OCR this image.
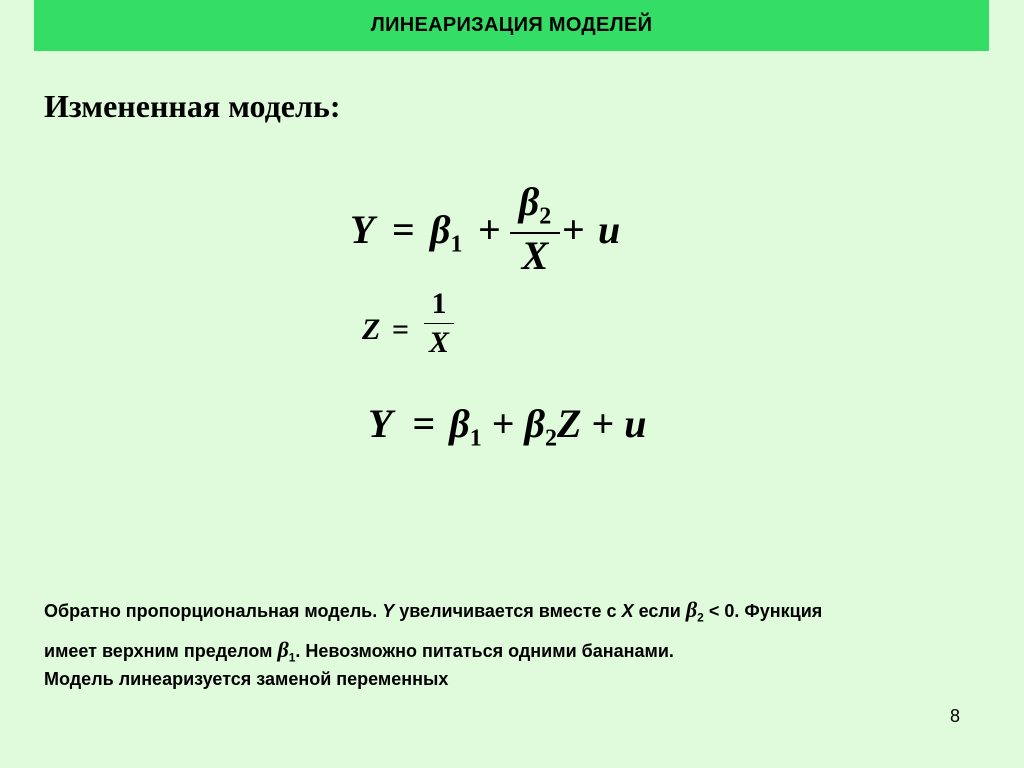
ЛИНЕАРИЗАЦИЯ МОДЕЛЕЙ
Измененная модель:
$Y = \beta_1$ +
$\beta_2$
X
+ u
Z =
1
X
$Y = \beta_1 + \beta_2Z + u$
Обратно пропорциональная модель. Y увеличивается вместе с X если $\beta_2 < 0$. Функция
имеет верхним пределом $\beta_1$. Невозможно питаться одними бананами.
Модель линеаризуется заменой переменных
8
